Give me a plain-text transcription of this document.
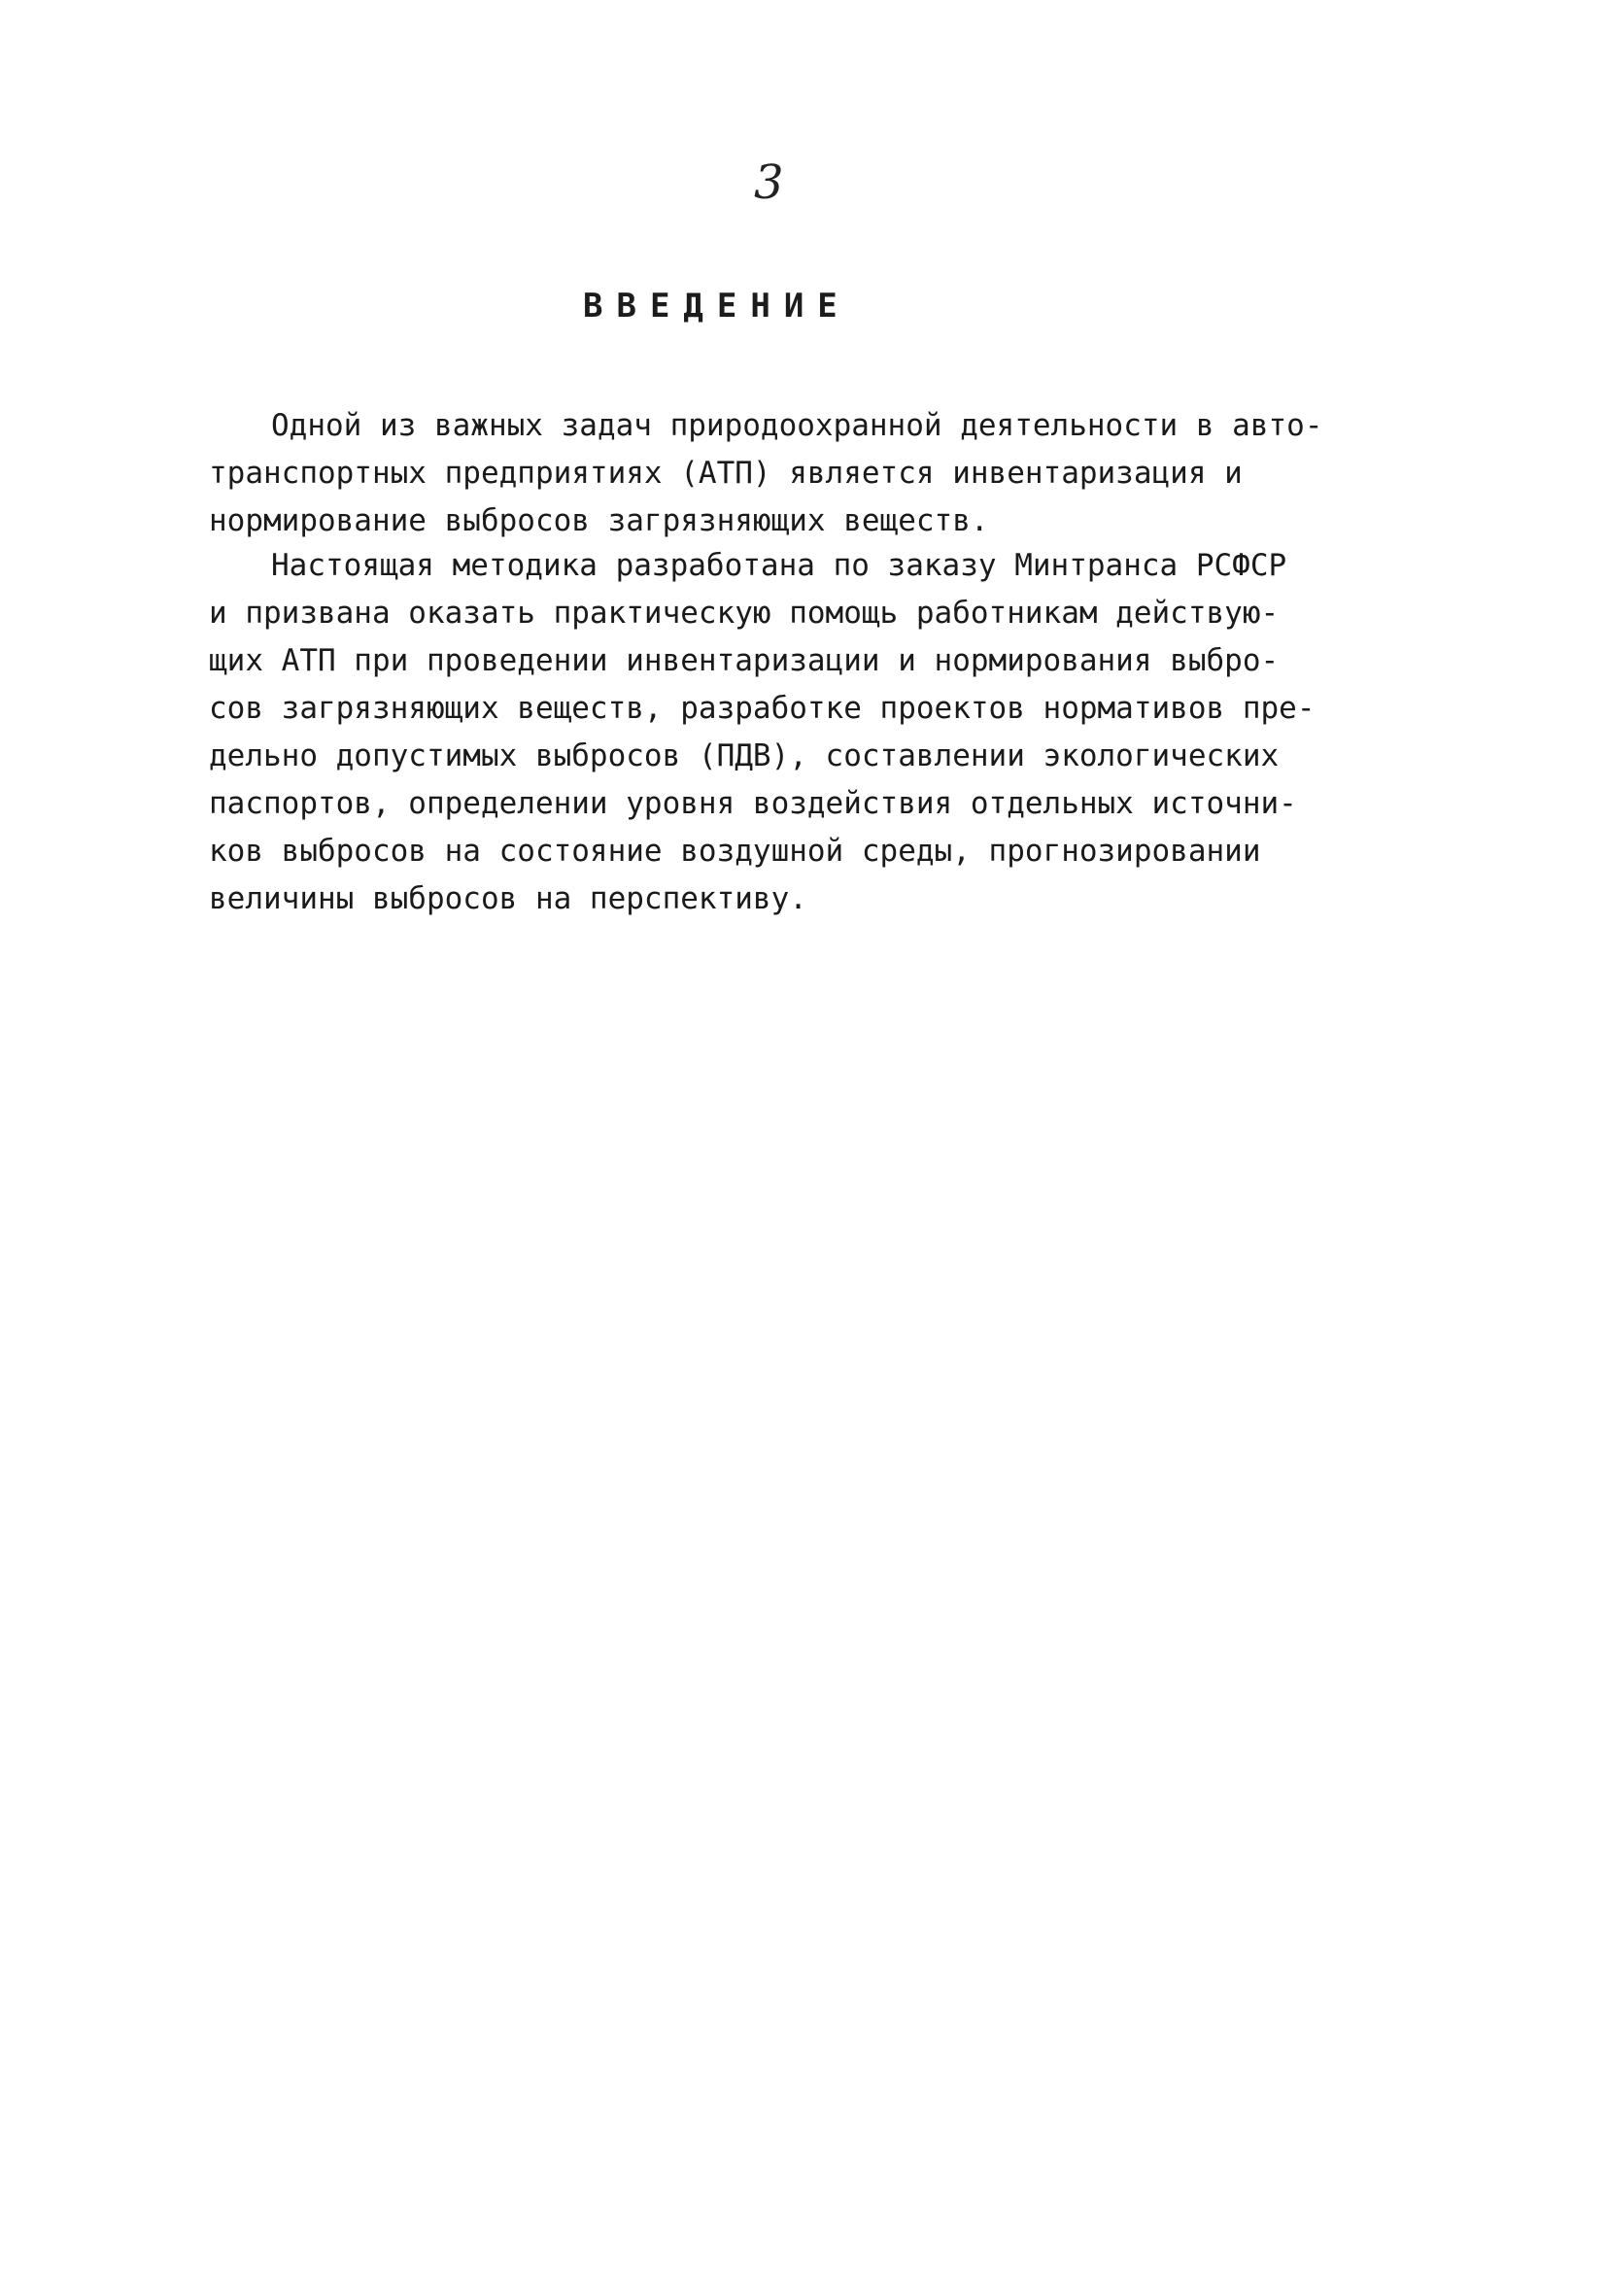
3
ВВЕДЕНИЕ
Одной из важных задач природоохранной деятельности в авто-
транспортных предприятиях (АТП) является инвентаризация и
нормирование выбросов загрязняющих веществ.
Настоящая методика разработана по заказу Минтранса РСФСР
и призвана оказать практическую помощь работникам действую-
щих АТП при проведении инвентаризации и нормирования выбро-
сов загрязняющих веществ, разработке проектов нормативов пре-
дельно допустимых выбросов (ПДВ), составлении экологических
паспортов, определении уровня воздействия отдельных источни-
ков выбросов на состояние воздушной среды, прогнозировании
величины выбросов на перспективу.
